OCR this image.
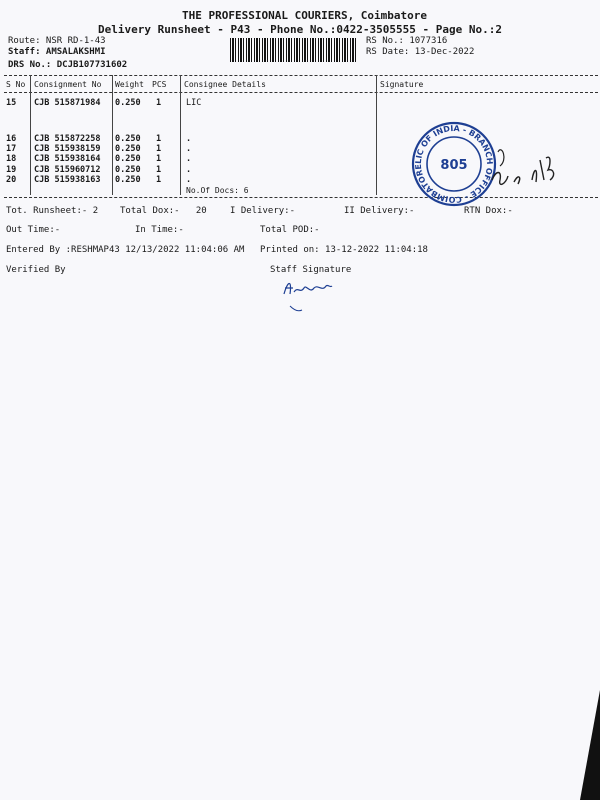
THE PROFESSIONAL COURIERS, Coimbatore
Delivery Runsheet - P43 - Phone No.:0422-3505555 - Page No.:2
Route: NSR RD-1-43
Staff: AMSALAKSHMI
DRS No.: DCJB107731602
RS No.: 1077316
RS Date: 13-Dec-2022
S No Consignment No Weight PCS Consignee Details	Signature
15 CJB 515871984 0.250 1	LIC
16 CJB 515872258 0.250 1	.
17 CJB 515938159 0.250 1	.
18 CJB 515938164 0.250 1	.
19 CJB 515960712 0.250 1	.
20 CJB 515938163 0.250 1	.
No.Of Docs: 6
LIC OF INDIA - BRANCH OFFICE - COIMBATORE	805
Tot. Runsheet:- 2 Total Dox:-   20	I Delivery:-	II Delivery:-	RTN Dox:-
Out Time:-	In Time:-	Total POD:-
Entered By :RESHMAP43 12/13/2022 11:04:06 AM Printed on: 13-12-2022 11:04:18
Verified By	Staff Signature
